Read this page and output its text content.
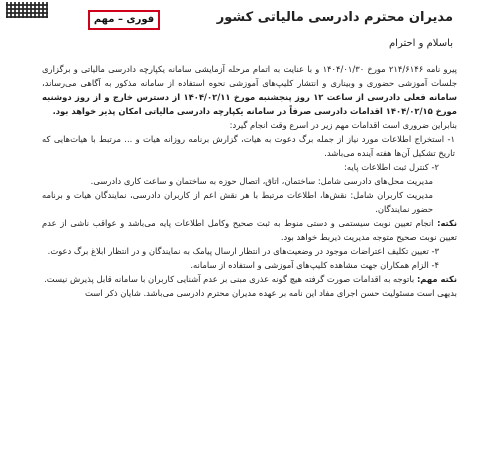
فوری – مهم	مدیران محترم دادرسی مالیاتی کشور
باسلام و احترام

پیرو نامه ۲۱۴/۶۱۴۶ مورخ ۱۴۰۴/۰۱/۳۰ و با عنایت به اتمام مرحله آزمایشی سامانه یکپارچه دادرسی مالیاتی و برگزاری جلسات آموزشی حضوری و وبیناری و انتشار کلیپ‌های آموزشی نحوه استفاده از سامانه مذکور به آگاهی می‌رساند، سامانه فعلی دادرسی از ساعت ۱۲ روز پنجشنبه مورخ ۱۴۰۴/۰۲/۱۱ از دسترس خارج و از روز دوشنبه مورخ ۱۴۰۴/۰۲/۱۵ اقدامات دادرسی صرفاً در سامانه یکپارچه دادرسی مالیاتی امکان پذیر خواهد بود.

بنابراین ضروری است اقدامات مهم زیر در اسرع وقت انجام گیرد:

۱- استخراج اطلاعات مورد نیاز از جمله برگ دعوت به هیات، گزارش برنامه روزانه هیات و ... مرتبط با هیات‌هایی که تاریخ تشکیل آن‌ها هفته آینده می‌باشد.

۲- کنترل ثبت اطلاعات پایه:

مدیریت محل‌های دادرسی شامل: ساختمان، اتاق، اتصال حوزه به ساختمان و ساعت کاری دادرسی.

مدیریت کاربران شامل: نقش‌ها، اطلاعات مرتبط با هر نقش اعم از کاربران دادرسی، نمایندگان هیات و برنامه حضور نمایندگان.

نکته: انجام تعیین نوبت سیستمی و دستی منوط به ثبت صحیح وکامل اطلاعات پایه می‌باشد و عواقب ناشی از عدم تعیین نوبت صحیح متوجه مدیریت ذیربط خواهد بود.

۳- تعیین تکلیف اعتراضات موجود در وضعیت‌های در انتظار ارسال پیامک به نمایندگان و در انتظار ابلاغ برگ دعوت.

۴- الزام همکاران جهت مشاهده کلیپ‌های آموزشی و استفاده از سامانه.

نکته مهم: باتوجه به اقدامات صورت گرفته هیچ گونه عذری مبنی بر عدم آشنایی کاربران با سامانه قابل پذیرش نیست.

بدیهی است مسئولیت حسن اجرای مفاد این نامه بر عهده مدیران محترم دادرسی می‌باشد. شایان ذکر است
